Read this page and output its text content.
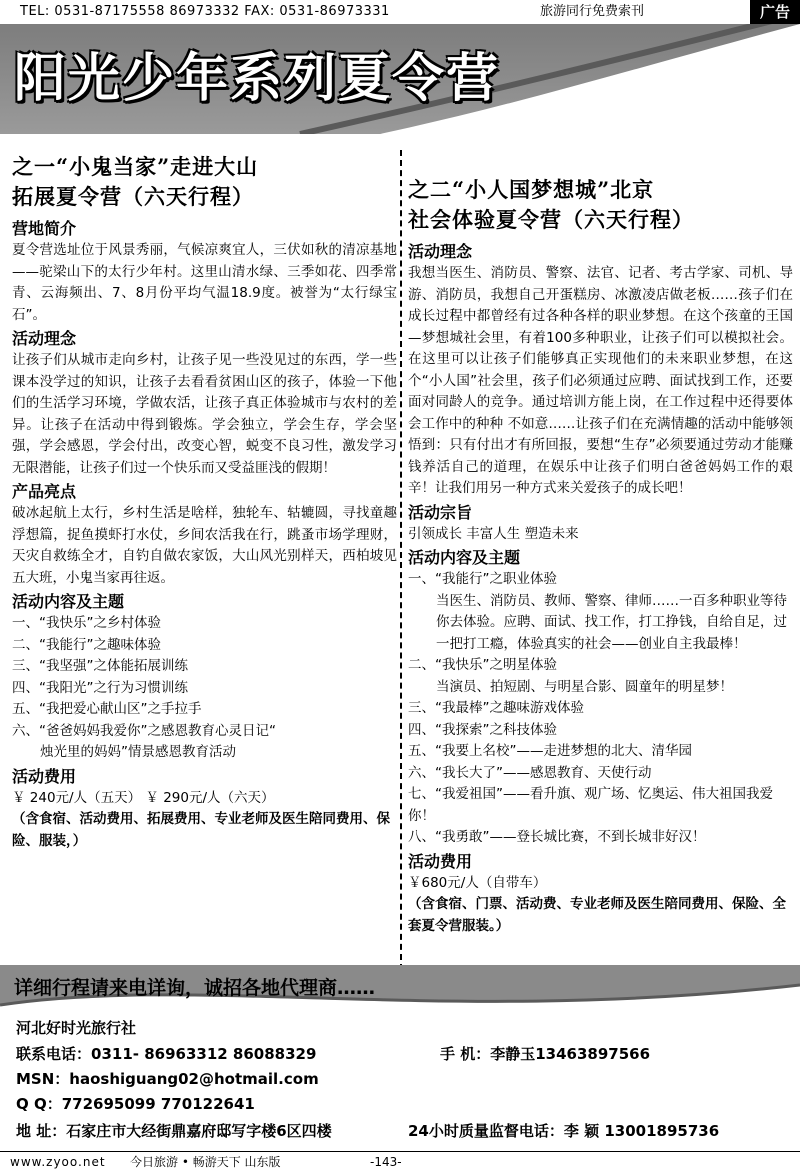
TEL: 0531-87175558 86973332 FAX: 0531-86973331	旅游同行免费索刊	广告
阳光少年系列夏令营
之一“小鬼当家”走进大山
拓展夏令营（六天行程）
营地简介
夏令营选址位于风景秀丽，气候凉爽宜人，三伏如秋的清凉基地——驼梁山下的太行少年村。这里山清水绿、三季如花、四季常青、云海频出、7、8月份平均气温18.9度。被誉为“太行绿宝石”。
活动理念
让孩子们从城市走向乡村，让孩子见一些没见过的东西，学一些课本没学过的知识，让孩子去看看贫困山区的孩子，体验一下他们的生活学习环境，学做农活，让孩子真正体验城市与农村的差异。让孩子在活动中得到锻炼。学会独立，学会生存，学会坚强，学会感恩，学会付出，改变心智，蜕变不良习性，激发学习无限潜能，让孩子们过一个快乐而又受益匪浅的假期！
产品亮点
破冰起航上太行，乡村生活是啥样，独轮车、轱辘圆，寻找童趣浮想篇，捉鱼摸虾打水仗，乡间农活我在行，跳蚤市场学理财，天灾自救练全才，自钓自做农家饭，大山风光别样天，西柏坡见五大班，小鬼当家再往返。
活动内容及主题
一、“我快乐”之乡村体验
二、“我能行”之趣味体验
三、“我坚强”之体能拓展训练
四、“我阳光”之行为习惯训练
五、“我把爱心献山区”之手拉手
六、“爸爸妈妈我爱你”之感恩教育心灵日记“
烛光里的妈妈”情景感恩教育活动
活动费用
￥ 240元/人（五天） ￥ 290元/人（六天）
（含食宿、活动费用、拓展费用、专业老师及医生陪同费用、保险、服装，）
之二“小人国梦想城”北京
社会体验夏令营（六天行程）
活动理念
我想当医生、消防员、警察、法官、记者、考古学家、司机、导游、消防员，我想自己开蛋糕房、冰激凌店做老板……孩子们在成长过程中都曾经有过各种各样的职业梦想。在这个孩童的王国—梦想城社会里，有着100多种职业，让孩子们可以模拟社会。在这里可以让孩子们能够真正实现他们的未来职业梦想，在这个“小人国”社会里，孩子们必须通过应聘、面试找到工作，还要面对同龄人的竞争。通过培训方能上岗，在工作过程中还得要体会工作中的种种 不如意……让孩子们在充满情趣的活动中能够领悟到：只有付出才有所回报，要想“生存”必须要通过劳动才能赚钱养活自己的道理，在娱乐中让孩子们明白爸爸妈妈工作的艰辛！让我们用另一种方式来关爱孩子的成长吧！
活动宗旨
引领成长 丰富人生 塑造未来
活动内容及主题
一、“我能行”之职业体验
当医生、消防员、教师、警察、律师……一百多种职业等待你去体验。应聘、面试、找工作，打工挣钱，自给自足，过一把打工瘾，体验真实的社会——创业自主我最棒！
二、“我快乐”之明星体验
当演员、拍短剧、与明星合影、圆童年的明星梦！
三、“我最棒”之趣味游戏体验
四、“我探索”之科技体验
五、“我要上名校”——走进梦想的北大、清华园
六、“我长大了”——感恩教育、天使行动
七、“我爱祖国”——看升旗、观广场、忆奥运、伟大祖国我爱你！
八、“我勇敢”——登长城比赛，不到长城非好汉！
活动费用
￥680元/人（自带车）
（含食宿、门票、活动费、专业老师及医生陪同费用、保险、全套夏令营服装。）
详细行程请来电详询，诚招各地代理商……
河北好时光旅行社
联系电话：0311- 86963312 86088329	手 机：李静玉13463897566
MSN：haoshiguang02@hotmail.com
Q Q：772695099 770122641
地 址：石家庄市大经街鼎嘉府邸写字楼6区四楼	24小时质量监督电话：李 颖 13001895736
www.zyoo.net 今日旅游 • 畅游天下 山东版	-143-
